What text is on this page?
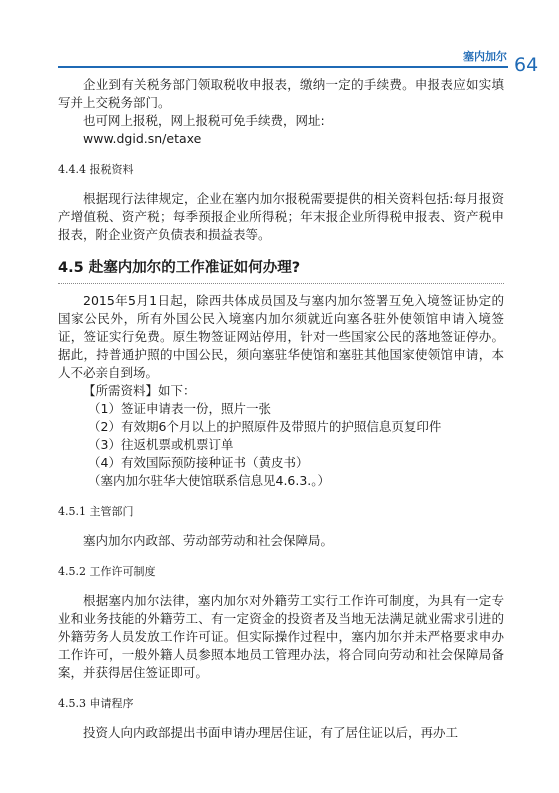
塞内加尔 64

企业到有关税务部门领取税收申报表，缴纳一定的手续费。申报表应如实填写并上交税务部门。

也可网上报税，网上报税可免手续费，网址:

www.dgid.sn/etaxe
4.4.4 报税资料

根据现行法律规定，企业在塞内加尔报税需要提供的相关资料包括:每月报资产增值税、资产税；每季预报企业所得税；年末报企业所得税申报表、资产税申报表，附企业资产负债表和损益表等。

4.5 赴塞内加尔的工作准证如何办理?

2015年5月1日起，除西共体成员国及与塞内加尔签署互免入境签证协定的国家公民外，所有外国公民入境塞内加尔须就近向塞各驻外使领馆申请入境签证，签证实行免费。原生物签证网站停用，针对一些国家公民的落地签证停办。据此，持普通护照的中国公民，须向塞驻华使馆和塞驻其他国家使领馆申请，本人不必亲自到场。

【所需资料】如下：

（1）签证申请表一份，照片一张

（2）有效期6个月以上的护照原件及带照片的护照信息页复印件

（3）往返机票或机票订单

（4）有效国际预防接种证书（黄皮书）

（塞内加尔驻华大使馆联系信息见4.6.3.。）

4.5.1 主管部门

塞内加尔内政部、劳动部劳动和社会保障局。

4.5.2 工作许可制度

根据塞内加尔法律，塞内加尔对外籍劳工实行工作许可制度，为具有一定专业和业务技能的外籍劳工、有一定资金的投资者及当地无法满足就业需求引进的外籍劳务人员发放工作许可证。但实际操作过程中，塞内加尔并未严格要求申办工作许可，一般外籍人员参照本地员工管理办法，将合同向劳动和社会保障局备案，并获得居住签证即可。

4.5.3 申请程序

投资人向内政部提出书面申请办理居住证，有了居住证以后，再办工
